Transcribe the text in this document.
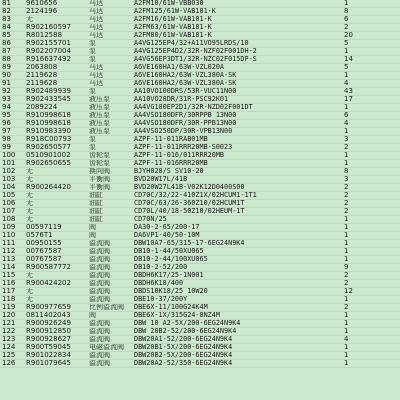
81	9610656	马达	A2FM10/61W-VBB030	1
82	2124196	马达	A2FM125/61W-VAB181-K	8
83	无	马达	A2FM16/61W-VAB101-K	6
84	R902160597	马达	A2FM63/61W-VAB181-K	2
85	R8012588	马达	A2FM80/61W-VAB181-K	20
86	R902155701	泵	A4VG125EP4/32+A11VO95LRDS/10	5
87	R902207004	泵	A4VG125EP4D2/32R-NZF02F001DH-2	1
88	R916637492	泵	A4VG56EP3DT1/32R-NZC02F015DP-S	14
89	2063808	马达	A6VE160HA1/63W-VZL020A	5
90	2119628	马达	A6VE160HA2/63W-VZL380A-SK	1
91	2119628	马达	A6VE160HA2/63W-VZL380A-SK	4
92	R902489939	泵	AA10VO100DRS/53R-VUC11N00	43
93	R902433545	液压泵	AA10VO28DR/31R-PSC92K01	17
94	2089224	液压泵	AA4VG180EP2D1/32R-NZD02F001DT	1
95	R910998618	液压泵	AA4VSO180DFR/30RPPB 13N00	6
96	R910998618	液压泵	AA4VSO180DFR/30R-PPB13N00	4
97	R910983390	液压泵	AA4VSO250DP/30R-VPB13N00	1
98	R918C00793	泵	AZPF-11-011RAB01MB	3
99	R902650577	泵	AZPF-11-011RRR20MB-S0023	2
100	0510901002	齿轮泵	AZPF-11-016/011RRR20MB	1
101	R902650655	齿轮泵	AZPF-11-016RRR20MB	1
102	无	换向阀	BJYH028/S SV10-20	8
103	无	平衡阀	BVD20W17L/41B	3
104	R900264420	平衡阀	BVD20W27L41B-V02K12D0400S00	2
105	无	油缸	CD70C/32/22-410Z1X/02HCUM1-1T1	2
106	无	油缸	CD70C/63/26-360Z10/02HCUM1T	2
107	无	油缸	CD70L/40/18-50Z10/02HEUM-1T	2
108	无	油缸	CD70N/25	1
109	00597119	阀	DA30-2-65/200-17	1
110	0576T1	阀	DA6VP1-40/50-10M	1
111	00950155	溢流阀	DBW10A7-65/315-17-6EG24N9K4	1
112	00767587	溢流阀	DB10-1-44/50XU065	1
113	00767587	溢流阀	DB10-2-44/100XU065	1
114	R900587772	溢流阀	DB10-2-52/200	9
115	无	溢流阀	DBDH6K17/25-1N001	2
116	R900424202	溢流阀	DBDH6K18/400	2
117	无	溢流阀	DBDS10K18/25 10W20	12
118	无	溢流阀	DBE10-37/200Y	1
119	R900977659	比例溢流阀	DBE6X-11/100G24K4M	2
120	0811402043	阀	DBE6X-1X/315G24-8NZ4M	1
121	R900926249	溢流阀	DBW 10 A2-5X/200-6EG24N9K4	1
122	R900912850	溢流阀	DBW 20B2-52/200-6EG24N9K4	1
123	R900928627	溢流阀	DBW20A1-52/200-6EG24N9K4	4
124	R900T59045	电磁溢流阀	DBW20B1-5X/200-6EG24N9K4	1
125	R901022834	溢流阀	DBW20B2-5X/200-6EG24N9K4	1
126	R901079645	溢流阀	DBW20A2-52/350-6EG24N9K4	1
